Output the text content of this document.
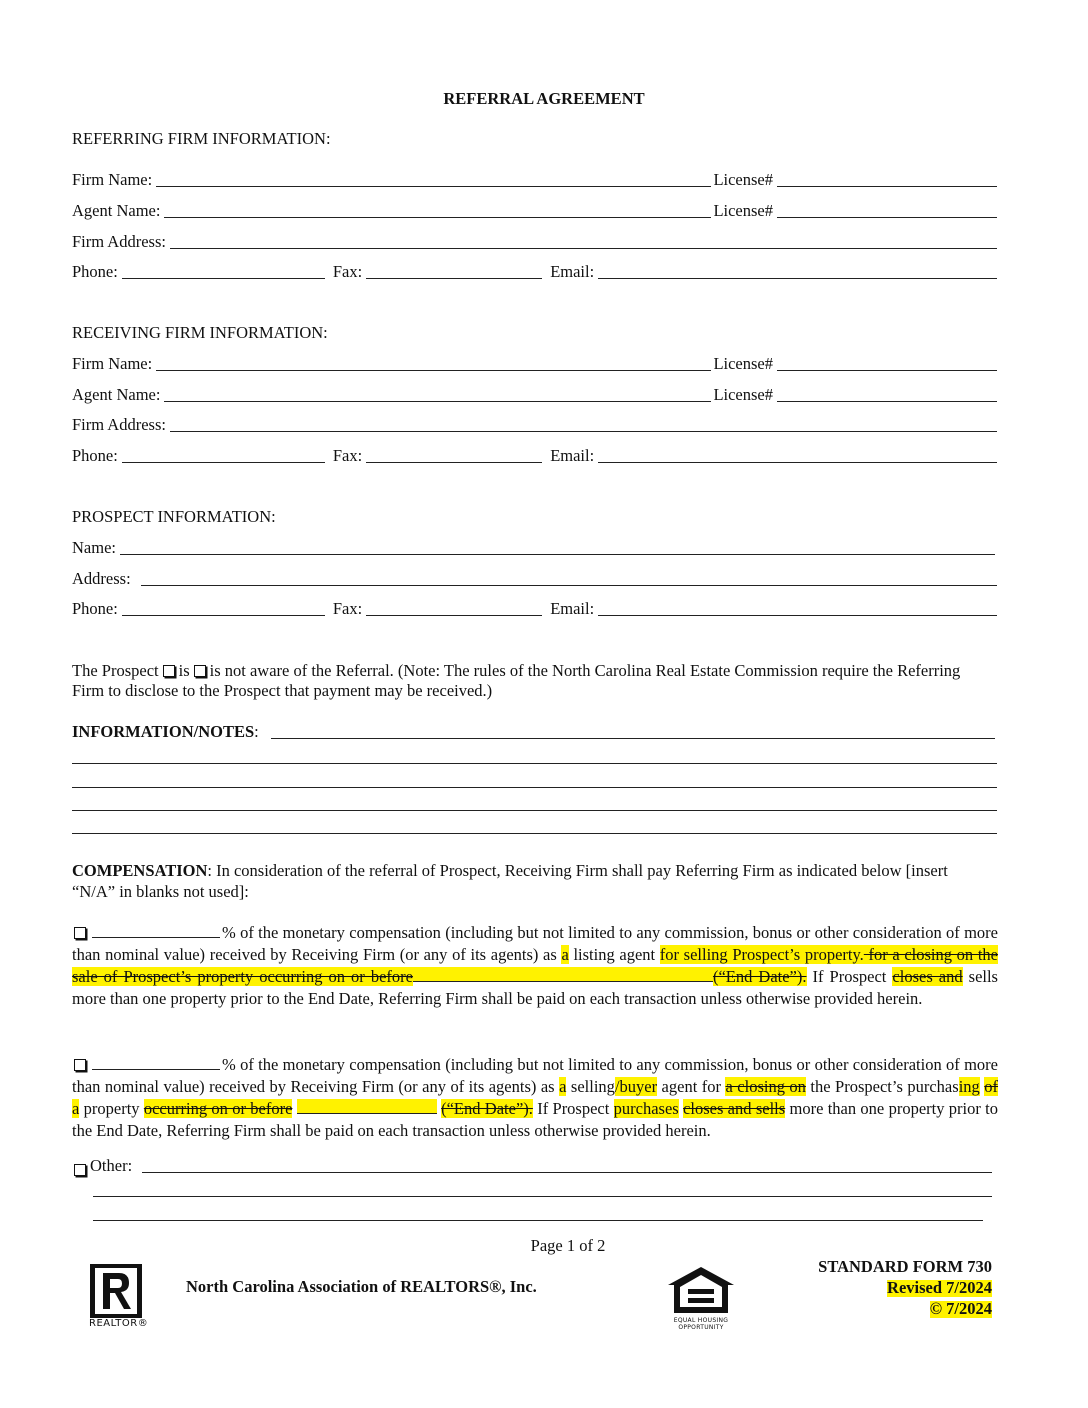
REFERRAL AGREEMENT
REFERRING FIRM INFORMATION:
Firm Name:	License#
Agent Name:	License#
Firm Address:
Phone:	Fax:	Email:
RECEIVING FIRM INFORMATION:
Firm Name:	License#
Agent Name:	License#
Firm Address:
Phone:	Fax:	Email:
PROSPECT INFORMATION:
Name:
Address:
Phone:	Fax:	Email:
The Prospect is is not aware of the Referral. (Note: The rules of the North Carolina Real Estate Commission require the Referring Firm to disclose to the Prospect that payment may be received.)
INFORMATION/NOTES :
COMPENSATION: In consideration of the referral of Prospect, Receiving Firm shall pay Referring Firm as indicated below [insert “N/A” in blanks not used]:
% of the monetary compensation (including but not limited to any commission, bonus or other consideration of more than nominal value) received by Receiving Firm (or any of its agents) as a listing agent for selling Prospect’s property. for a closing on the sale of Prospect’s property occurring on or before	(“End Date”). If Prospect closes and sells more than one property prior to the End Date, Referring Firm shall be paid on each transaction unless otherwise provided herein.
% of the monetary compensation (including but not limited to any commission, bonus or other consideration of more than nominal value) received by Receiving Firm (or any of its agents) as a selling/buyer agent for a closing on the Prospect’s purchasing of a property occurring on or before	(“End Date”). If Prospect purchases closes and sells more than one property prior to the End Date, Referring Firm shall be paid on each transaction unless otherwise provided herein.
Other:
Page 1 of 2
REALTOR®
North Carolina Association of REALTORS®, Inc.
EQUAL HOUSING OPPORTUNITY
STANDARD FORM 730
Revised 7/2024
© 7/2024
